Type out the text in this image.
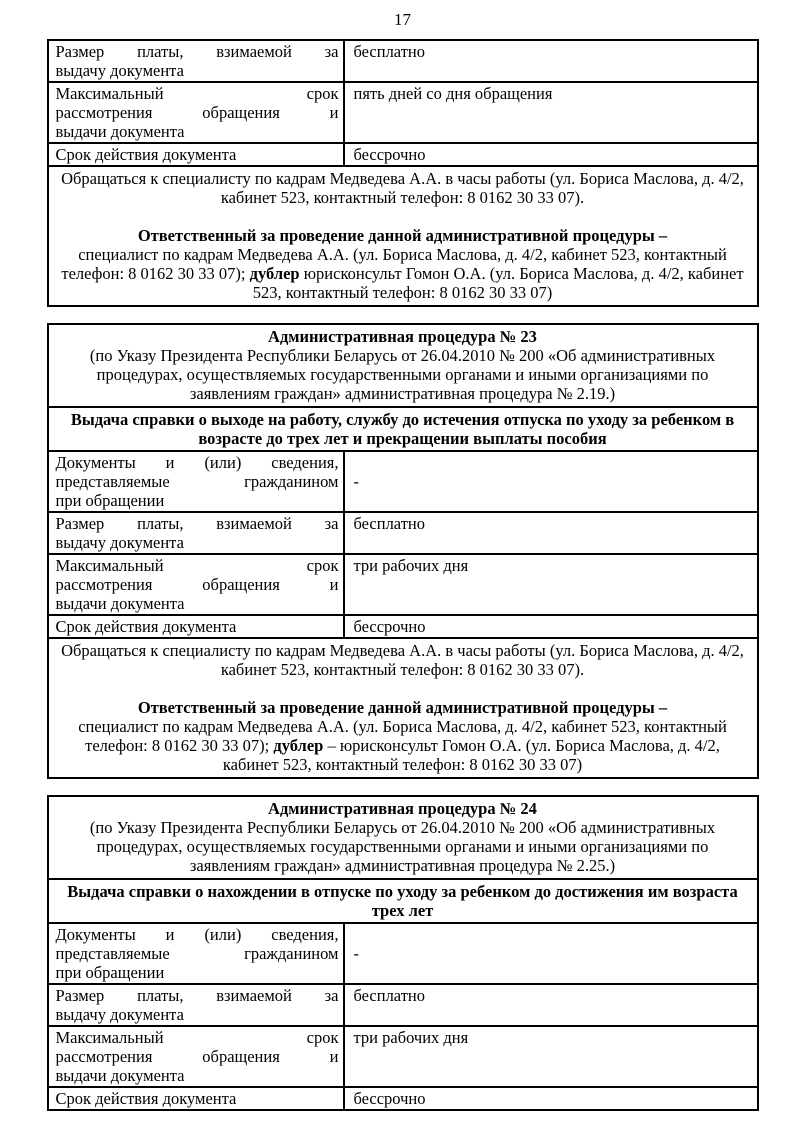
17
Размер платы, взимаемой за
выдачу документа	бесплатно

Максимальный срок
рассмотрения обращения и
выдачи документа	пять дней со дня обращения

Срок действия документа	бессрочно

Обращаться к специалисту по кадрам Медведева А.А. в часы работы (ул. Бориса Маслова, д. 4/2, кабинет 523, контактный телефон: 8 0162 30 33 07).
Ответственный за проведение данной административной процедуры –
специалист по кадрам Медведева А.А. (ул. Бориса Маслова, д. 4/2, кабинет 523, контактный телефон: 8 0162 30 33 07); дублер юрисконсульт Гомон О.А. (ул. Бориса Маслова, д. 4/2, кабинет 523, контактный телефон: 8 0162 30 33 07)	
Административная процедура № 23
(по Указу Президента Республики Беларусь от 26.04.2010 № 200 «Об административных процедурах, осуществляемых государственными органами и иными организациями по заявлениям граждан» административная процедура № 2.19.)	

Выдача справки о выходе на работу, службу до истечения отпуска по уходу за ребенком в возрасте до трех лет и прекращении выплаты пособия	

Документы и (или) сведения,
представляемые гражданином
при обращении	-

Размер платы, взимаемой за
выдачу документа	бесплатно

Максимальный срок
рассмотрения обращения и
выдачи документа	три рабочих дня

Срок действия документа	бессрочно

Обращаться к специалисту по кадрам Медведева А.А. в часы работы (ул. Бориса Маслова, д. 4/2, кабинет 523, контактный телефон: 8 0162 30 33 07).
Ответственный за проведение данной административной процедуры –
специалист по кадрам Медведева А.А. (ул. Бориса Маслова, д. 4/2, кабинет 523, контактный телефон: 8 0162 30 33 07); дублер – юрисконсульт Гомон О.А. (ул. Бориса Маслова, д. 4/2, кабинет 523, контактный телефон: 8 0162 30 33 07)	
Административная процедура № 24
(по Указу Президента Республики Беларусь от 26.04.2010 № 200 «Об административных процедурах, осуществляемых государственными органами и иными организациями по заявлениям граждан» административная процедура № 2.25.)	

Выдача справки о нахождении в отпуске по уходу за ребенком до достижения им возраста трех лет	

Документы и (или) сведения,
представляемые гражданином
при обращении	-

Размер платы, взимаемой за
выдачу документа	бесплатно

Максимальный срок
рассмотрения обращения и
выдачи документа	три рабочих дня

Срок действия документа	бессрочно
